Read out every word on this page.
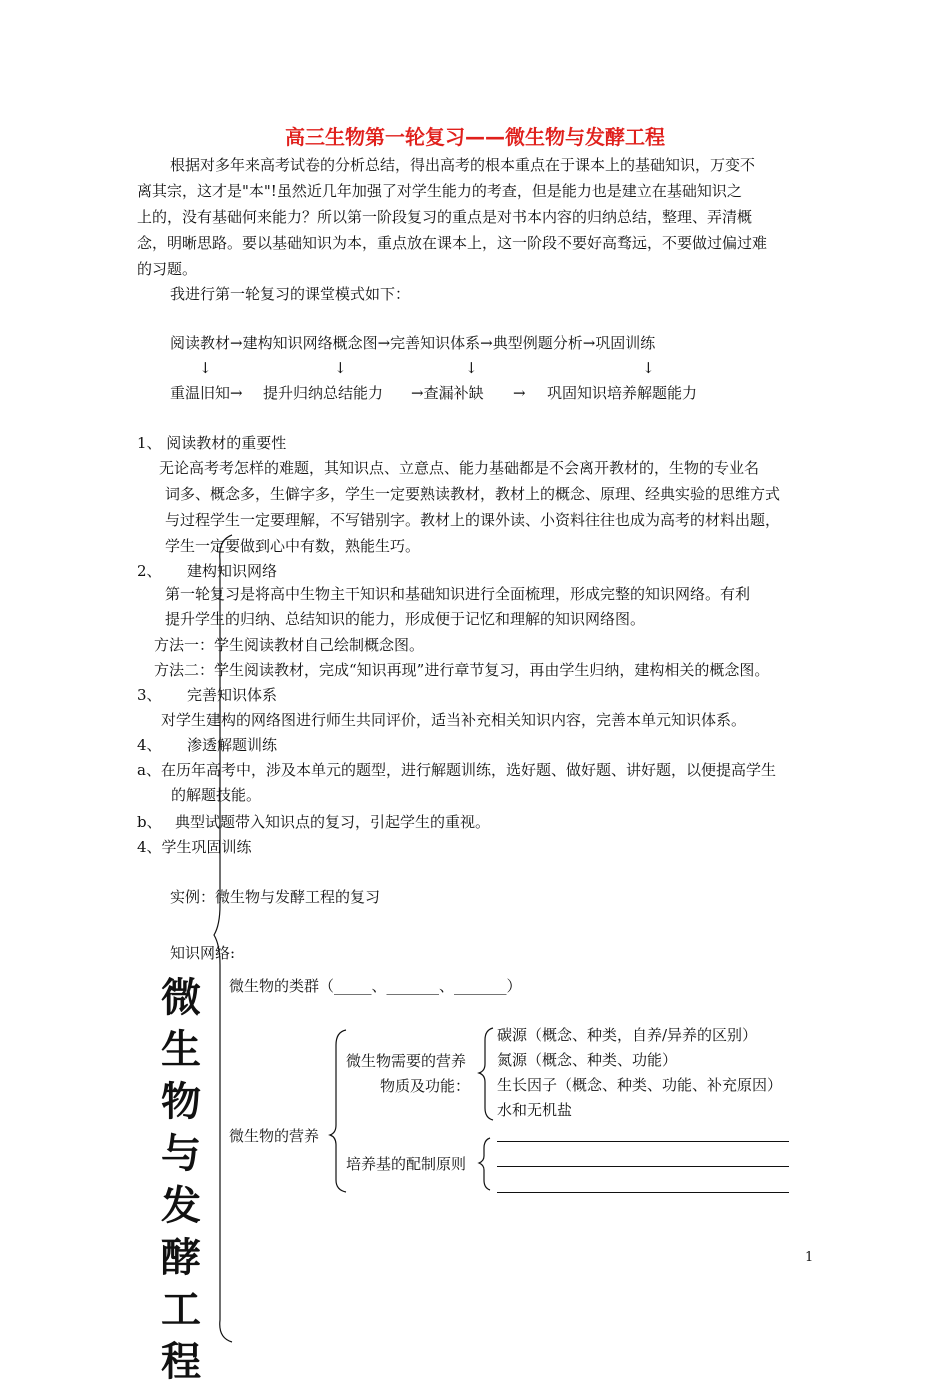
高三生物第一轮复习——微生物与发酵工程
根据对多年来高考试卷的分析总结，得出高考的根本重点在于课本上的基础知识，万变不
离其宗，这才是"本"!虽然近几年加强了对学生能力的考查，但是能力也是建立在基础知识之
上的，没有基础何来能力？所以第一阶段复习的重点是对书本内容的归纳总结，整理、弄清概
念，明晰思路。要以基础知识为本，重点放在课本上，这一阶段不要好高骛远，不要做过偏过难
的习题。
我进行第一轮复习的课堂模式如下：
阅读教材→建构知识网络概念图→完善知识体系→典型例题分析→巩固训练
↓	↓	↓	↓
重温旧知→ 提升归纳总结能力 →查漏补缺 → 巩固知识培养解题能力
1、 阅读教材的重要性
无论高考考怎样的难题，其知识点、立意点、能力基础都是不会离开教材的，生物的专业名
词多、概念多，生僻字多，学生一定要熟读教材，教材上的概念、原理、经典实验的思维方式
与过程学生一定要理解，不写错别字。教材上的课外读、小资料往往也成为高考的材料出题，
学生一定要做到心中有数，熟能生巧。
2、 建构知识网络
第一轮复习是将高中生物主干知识和基础知识进行全面梳理，形成完整的知识网络。有利
提升学生的归纳、总结知识的能力，形成便于记忆和理解的知识网络图。
方法一：学生阅读教材自己绘制概念图。
方法二：学生阅读教材，完成“知识再现”进行章节复习，再由学生归纳，建构相关的概念图。
3、 完善知识体系
对学生建构的网络图进行师生共同评价，适当补充相关知识内容，完善本单元知识体系。
4、 渗透解题训练
a、在历年高考中，涉及本单元的题型，进行解题训练，选好题、做好题、讲好题，以便提高学生
的解题技能。
b、 典型试题带入知识点的复习，引起学生的重视。
4、学生巩固训练
实例：微生物与发酵工程的复习
知识网络:
微
生
物
与
发
酵
工
程
微生物的类群（_____、_______、_______）
微生物的营养
微生物需要的营养
物质及功能：
碳源（概念、种类，自养/异养的区别）
氮源（概念、种类、功能）
生长因子（概念、种类、功能、补充原因）
水和无机盐
培养基的配制原则
1
